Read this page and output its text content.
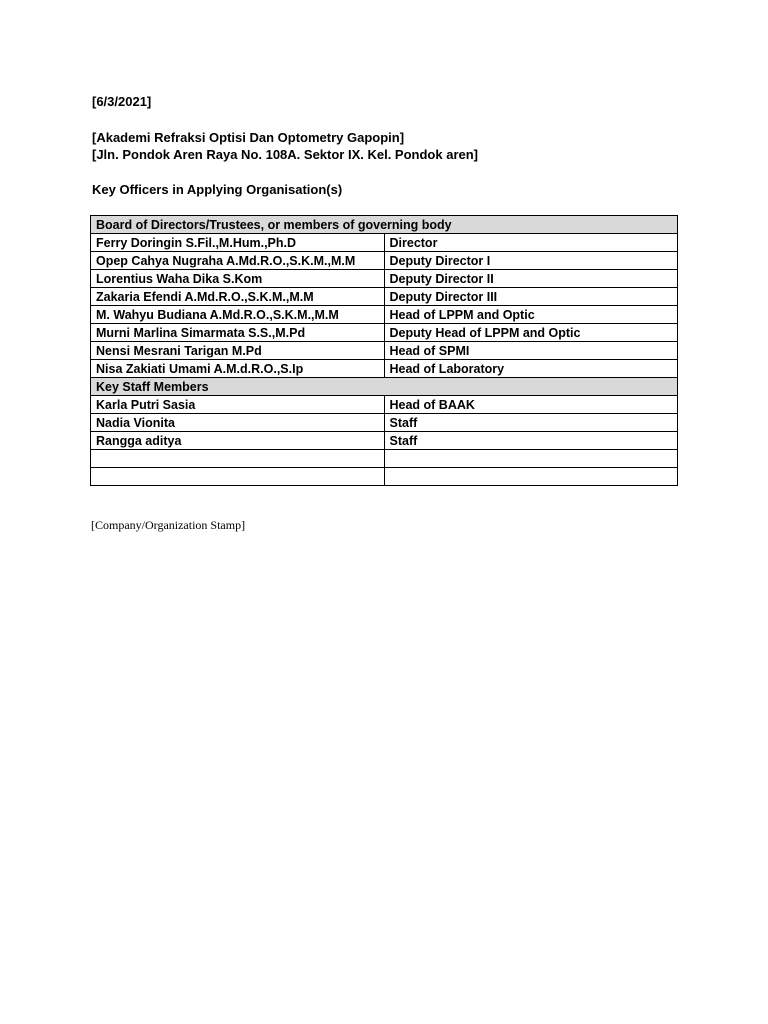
[6/3/2021]
[Akademi Refraksi Optisi Dan Optometry Gapopin]
[Jln. Pondok Aren Raya No. 108A. Sektor IX. Kel. Pondok aren]
Key Officers in Applying Organisation(s)
Board of Directors/Trustees, or members of governing body	
Ferry Doringin S.Fil.,M.Hum.,Ph.D	Director
Opep Cahya Nugraha A.Md.R.O.,S.K.M.,M.M	Deputy Director I
Lorentius Waha Dika S.Kom	Deputy Director II
Zakaria Efendi A.Md.R.O.,S.K.M.,M.M	Deputy Director III
M. Wahyu Budiana A.Md.R.O.,S.K.M.,M.M	Head of LPPM and Optic
Murni Marlina Simarmata S.S.,M.Pd	Deputy Head of LPPM and Optic
Nensi Mesrani Tarigan M.Pd	Head of SPMI
Nisa Zakiati Umami A.M.d.R.O.,S.Ip	Head of Laboratory
Key Staff Members	
Karla Putri Sasia	Head of BAAK
Nadia Vionita	Staff
Rangga aditya	Staff

[Company/Organization Stamp]
